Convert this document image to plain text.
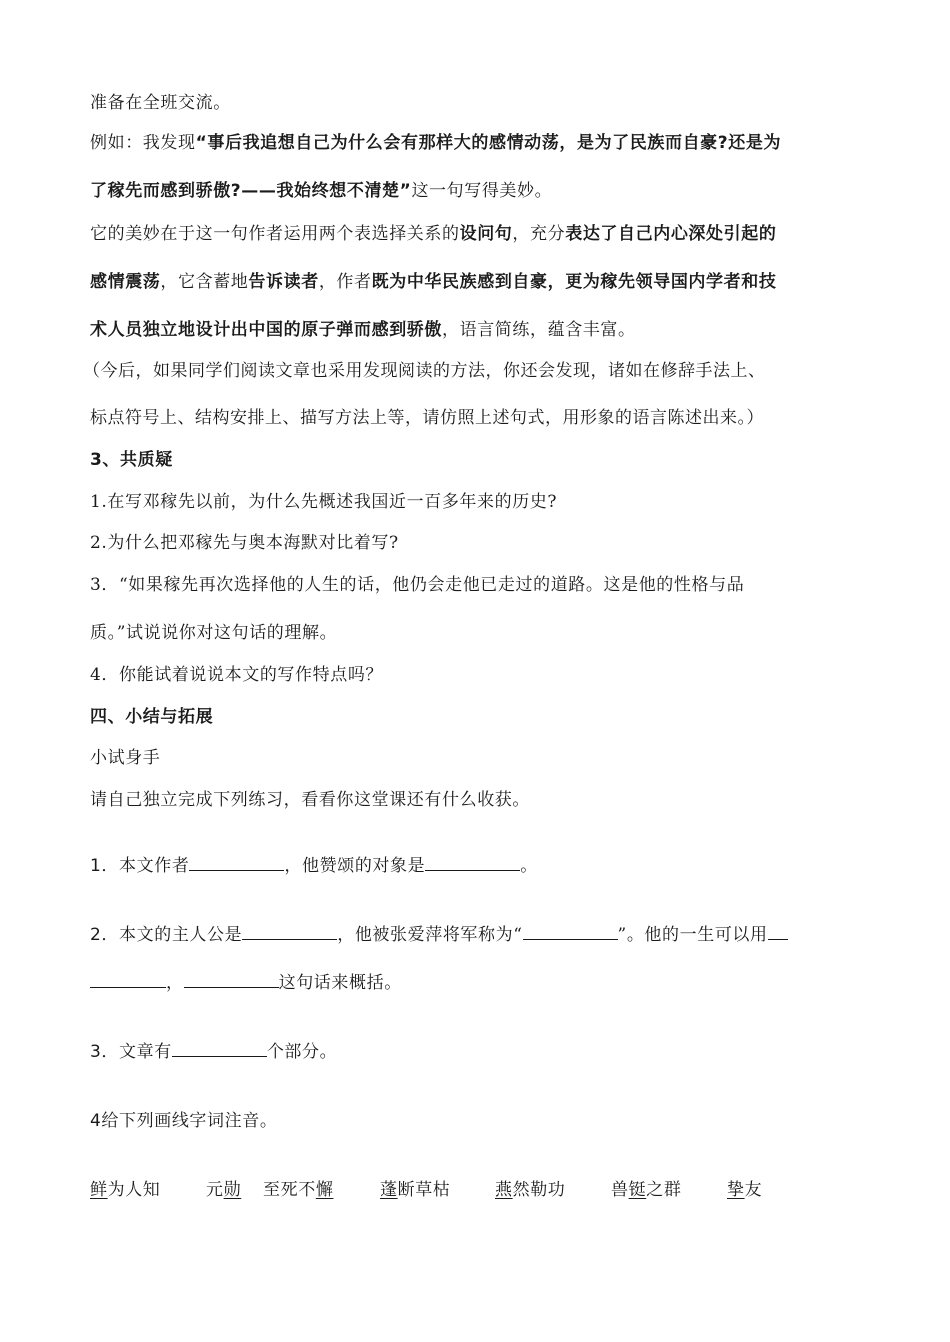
准备在全班交流。
例如：我发现“事后我追想自己为什么会有那样大的感情动荡，是为了民族而自豪?还是为
了稼先而感到骄傲?——我始终想不清楚”这一句写得美妙。
它的美妙在于这一句作者运用两个表选择关系的设问句，充分表达了自己内心深处引起的
感情震荡，它含蓄地告诉读者，作者既为中华民族感到自豪，更为稼先领导国内学者和技
术人员独立地设计出中国的原子弹而感到骄傲，语言简练，蕴含丰富。
（今后，如果同学们阅读文章也采用发现阅读的方法，你还会发现，诸如在修辞手法上、
标点符号上、结构安排上、描写方法上等，请仿照上述句式，用形象的语言陈述出来。）
3、共质疑
1.在写邓稼先以前，为什么先概述我国近一百多年来的历史?
2.为什么把邓稼先与奥本海默对比着写?
3．“如果稼先再次选择他的人生的话，他仍会走他已走过的道路。这是他的性格与品
质。”试说说你对这句话的理解。
4．你能试着说说本文的写作特点吗？
四、小结与拓展
小试身手
请自己独立完成下列练习，看看你这堂课还有什么收获。
1．本文作者	，他赞颂的对象是	。
2．本文的主人公是	，他被张爱萍将军称为“	”。他的一生可以用
，	这句话来概括。
3．文章有	个部分。
4给下列画线字词注音。
鲜为人知	元勋 至死不懈	蓬断草枯	燕然勒功	兽铤之群	挚友
